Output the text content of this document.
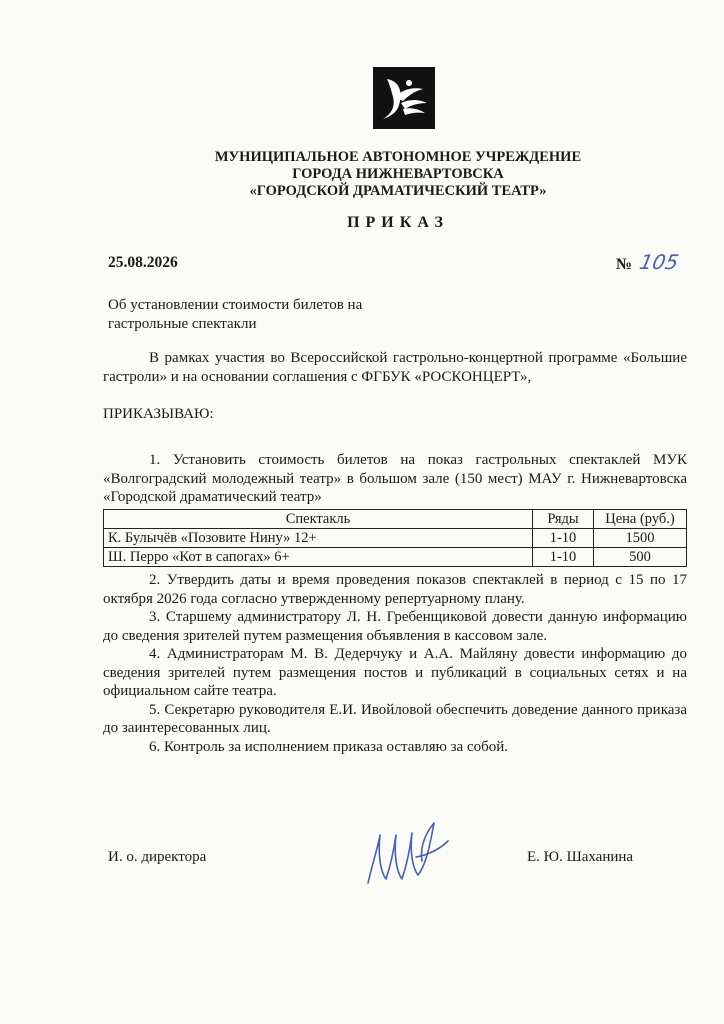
МУНИЦИПАЛЬНОЕ АВТОНОМНОЕ УЧРЕЖДЕНИЕ
ГОРОДА НИЖНЕВАРТОВСКА
«ГОРОДСКОЙ ДРАМАТИЧЕСКИЙ ТЕАТР»
ПРИКАЗ
25.08.2026	№ 105
Об установлении стоимости билетов на
гастрольные спектакли

В рамках участия во Всероссийской гастрольно-концертной программе «Большие гастроли» и на основании соглашения с ФГБУК «РОСКОНЦЕРТ»,

ПРИКАЗЫВАЮ:

1. Установить стоимость билетов на показ гастрольных спектаклей МУК «Волгоградский молодежный театр» в большом зале (150 мест) МАУ г. Нижневартовска «Городской драматический театр»

Спектакль	Ряды	Цена (руб.)
К. Булычёв «Позовите Нину» 12+	1-10	1500
Ш. Перро «Кот в сапогах» 6+	1-10	500

2. Утвердить даты и время проведения показов спектаклей в период с 15 по 17 октября 2026 года согласно утвержденному репертуарному плану.

3. Старшему администратору Л. Н. Гребенщиковой довести данную информацию до сведения зрителей путем размещения объявления в кассовом зале.

4. Администраторам М. В. Дедерчуку и А.А. Майляну довести информацию до сведения зрителей путем размещения постов и публикаций в социальных сетях и на официальном сайте театра.

5. Секретарю руководителя Е.И. Ивойловой обеспечить доведение данного приказа до заинтересованных лиц.

6. Контроль за исполнением приказа оставляю за собой.

И. о. директора	Е. Ю. Шаханина
